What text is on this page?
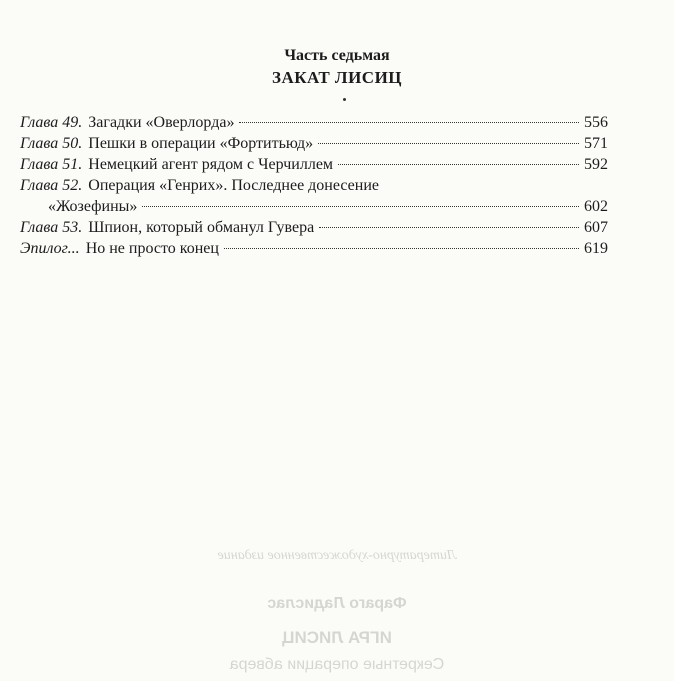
Часть седьмая
ЗАКАТ ЛИСИЦ
Глава 49. Загадки «Оверлорда»	556
Глава 50. Пешки в операции «Фортитьюд»	571
Глава 51. Немецкий агент рядом с Черчиллем	592
Глава 52. Операция «Генрих». Последнее донесение
«Жозефины»	602
Глава 53. Шпион, который обманул Гувера	607
Эпилог... Но не просто конец	619
Литературно-художественное издание
Фараго Ладислас
ИГРА ЛИСИЦ
Секретные операции абвера
